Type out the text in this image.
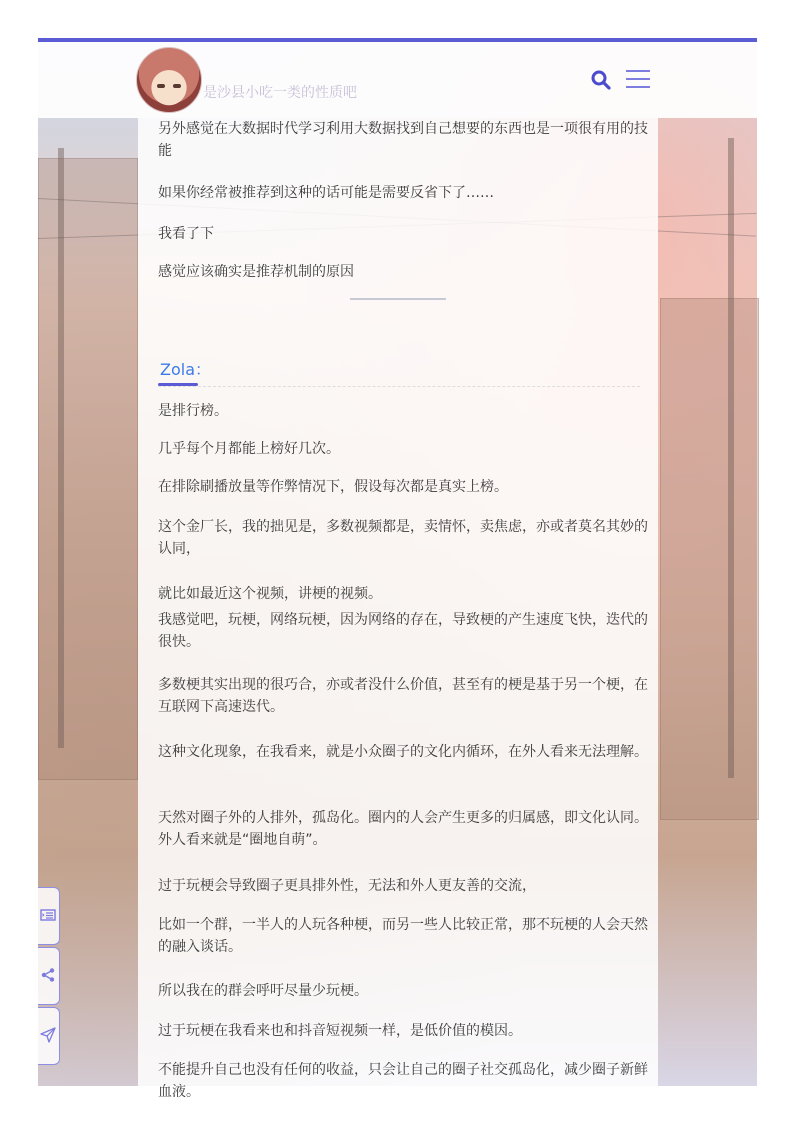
是沙县小吃一类的性质吧

另外感觉在大数据时代学习利用大数据找到自己想要的东西也是一项很有用的技能

如果你经常被推荐到这种的话可能是需要反省下了……

我看了下

感觉应该确实是推荐机制的原因

Zola：

是排行榜。

几乎每个月都能上榜好几次。

在排除刷播放量等作弊情况下，假设每次都是真实上榜。

这个金厂长，我的拙见是，多数视频都是，卖情怀，卖焦虑，亦或者莫名其妙的认同，

就比如最近这个视频，讲梗的视频。

我感觉吧，玩梗，网络玩梗，因为网络的存在，导致梗的产生速度飞快，迭代的很快。

多数梗其实出现的很巧合，亦或者没什么价值，甚至有的梗是基于另一个梗，在互联网下高速迭代。

这种文化现象，在我看来，就是小众圈子的文化内循环，在外人看来无法理解。

天然对圈子外的人排外，孤岛化。圈内的人会产生更多的归属感，即文化认同。外人看来就是“圈地自萌”。

过于玩梗会导致圈子更具排外性，无法和外人更友善的交流，

比如一个群，一半人的人玩各种梗，而另一些人比较正常，那不玩梗的人会天然的融入谈话。

所以我在的群会呼吁尽量少玩梗。

过于玩梗在我看来也和抖音短视频一样，是低价值的模因。

不能提升自己也没有任何的收益，只会让自己的圈子社交孤岛化，减少圈子新鲜血液。
